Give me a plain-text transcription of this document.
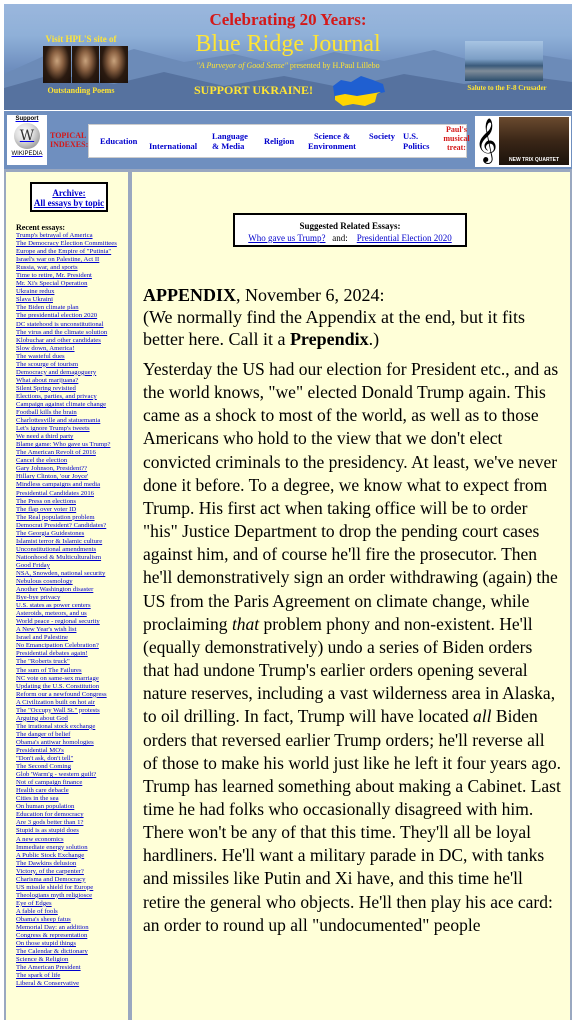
Celebrating 20 Years:
Blue Ridge Journal
"A Purveyor of Good Sense" presented by H.Paul Lillebo
SUPPORT UKRAINE!
Visit HPL'S site of
Outstanding Poems	Salute to the F-8 Crusader
Support
W
WIKIPEDIA
TOPICAL INDEXES: Education International
Language & Media	Religion	Science & Environment
Society U.S. Politics
Paul's musical treat: 𝄞	NEW TRIX QUARTET
Archive:
All essays by topic
Recent essays:
Trump's betrayal of America
The Democracy Election Committees
Europe and the Empire of "Putinia"
Israel's war on Palestine, Act II
Russia, war, and sports
Time to retire, Mr. President
Mr. Xi's Special Operation
Ukraine redux
Slava Ukraini
The Biden climate plan
The presidential election 2020
DC statehood is unconstitutional
The virus and the climate solution
Klobuchar and other candidates
Slow down, America!
The wasteful dues
The scourge of tourism
Democracy and demagoguery
What about marijuana?
Silent Spring revisited
Elections, parties, and privacy
Campaign against climate change
Football kills the brain
Charlottesville and statuemania
Let's ignore Trump's tweets
We need a third party
Blame game: Who gave us Trump?
The American Revolt of 2016
Cancel the election
Gary Johnson, President??
Hillary Clinton, 'our Joyce'
Mindless campaigns and media
Presidential Candidates 2016
The Press on elections
The flap over voter ID
The Real population problem
Democrat President? Candidates?
The Georgia Guidestones
Islamist terror & Islamic culture
Unconstitutional amendments
Nationhood & Multiculturalism
Good Friday
NSA, Snowden, national security
Nebulous cosmology
Another Washington disaster
Bye-bye privacy
U.S. states as power centers
Asteroids, meteors, and us
World peace - regional security
A New Year's wish list
Israel and Palestine
No Emancipation Celebration?
Presidential debates again!
The "Roberts truck"
The sum of The Failures
NC vote on same-sex marriage
Updating the U.S. Constitution
Reform our a newfound Congress
A Civilization built on hot air
The "Occupy Wall St." protests
Arguing about God
The irrational stock exchange
The danger of belief
Obama's antiwar homologies
Presidential MO's
"Don't ask, don't tell"
The Second Coming
Glob 'Warm'g - western guilt?
Not of campaign finance
Health care debacle
Cities in the sea
On human population
Education for democracy
Are 3 gods better than 1?
Stupid is as stupid does
A new economics
Immediate energy solution
A Public Stock Exchange
The Dawkins delusion
Victory, of the carpenter?
Charisma and Democracy
US missile shield for Europe
Theologians myth religiosce
Eye of Edges
A fable of fools
Obama's sheep fatus
Memorial Day: an addition
Congress & representation
On those stupid things
The Calendar & dictionary
Science & Religion
The American President
The spark of life
Liberal & Conservative
Suggested Related Essays:
Who gave us Trump? and: Presidential Election 2020

APPENDIX, November 6, 2024:
(We normally find the Appendix at the end, but it fits better here. Call it a Prependix.)

Yesterday the US had our election for President etc., and as the world knows, "we" elected Donald Trump again. This came as a shock to most of the world, as well as to those Americans who hold to the view that we don't elect convicted criminals to the presidency. At least, we've never done it before. To a degree, we know what to expect from Trump. His first act when taking office will be to order "his" Justice Department to drop the pending court cases against him, and of course he'll fire the prosecutor. Then he'll demonstratively sign an order withdrawing (again) the US from the Paris Agreement on climate change, while proclaiming that problem phony and non-existent. He'll (equally demonstratively) undo a series of Biden orders that had undone Trump's earlier orders opening several nature reserves, including a vast wilderness area in Alaska, to oil drilling. In fact, Trump will have located all Biden orders that reversed earlier Trump orders; he'll reverse all of those to make his world just like he left it four years ago.
Trump has learned something about making a Cabinet. Last time he had folks who occasionally disagreed with him. There won't be any of that this time. They'll all be loyal hardliners. He'll want a military parade in DC, with tanks and missiles like Putin and Xi have, and this time he'll retire the general who objects. He'll then play his ace card: an order to round up all "undocumented" people
